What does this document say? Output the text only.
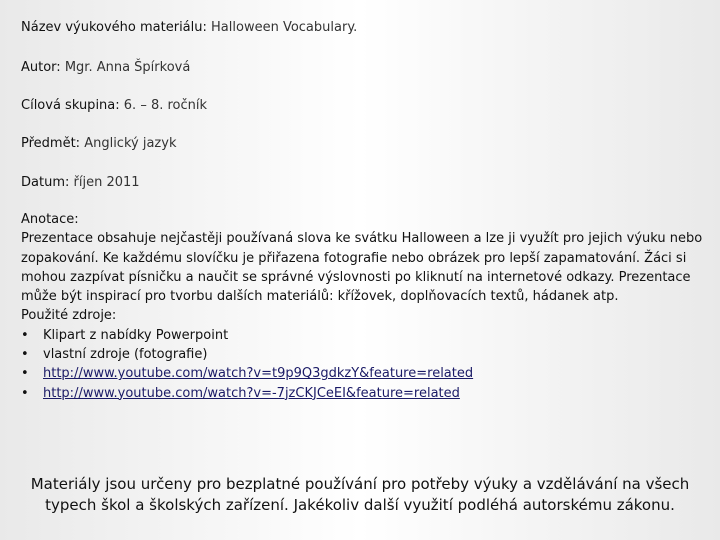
Název výukového materiálu: Halloween Vocabulary.
Autor: Mgr. Anna Špírková
Cílová skupina: 6. – 8. ročník
Předmět: Anglický jazyk
Datum: říjen 2011
Anotace:
Prezentace obsahuje nejčastěji používaná slova ke svátku Halloween a lze ji využít pro jejich výuku nebo zopakování. Ke každému slovíčku je přiřazena fotografie nebo obrázek pro lepší zapamatování. Žáci si mohou zazpívat písničku a naučit se správné výslovnosti po kliknutí na internetové odkazy. Prezentace může být inspirací pro tvorbu dalších materiálů: křížovek, doplňovacích textů, hádanek atp.
Použité zdroje:
• Klipart z nabídky Powerpoint
• vlastní zdroje (fotografie)
• http://www.youtube.com/watch?v=t9p9Q3gdkzY&feature=related
• http://www.youtube.com/watch?v=-7jzCKJCeEI&feature=related
Materiály jsou určeny pro bezplatné používání pro potřeby výuky a vzdělávání na všech
typech škol a školských zařízení. Jakékoliv další využití podléhá autorskému zákonu.
